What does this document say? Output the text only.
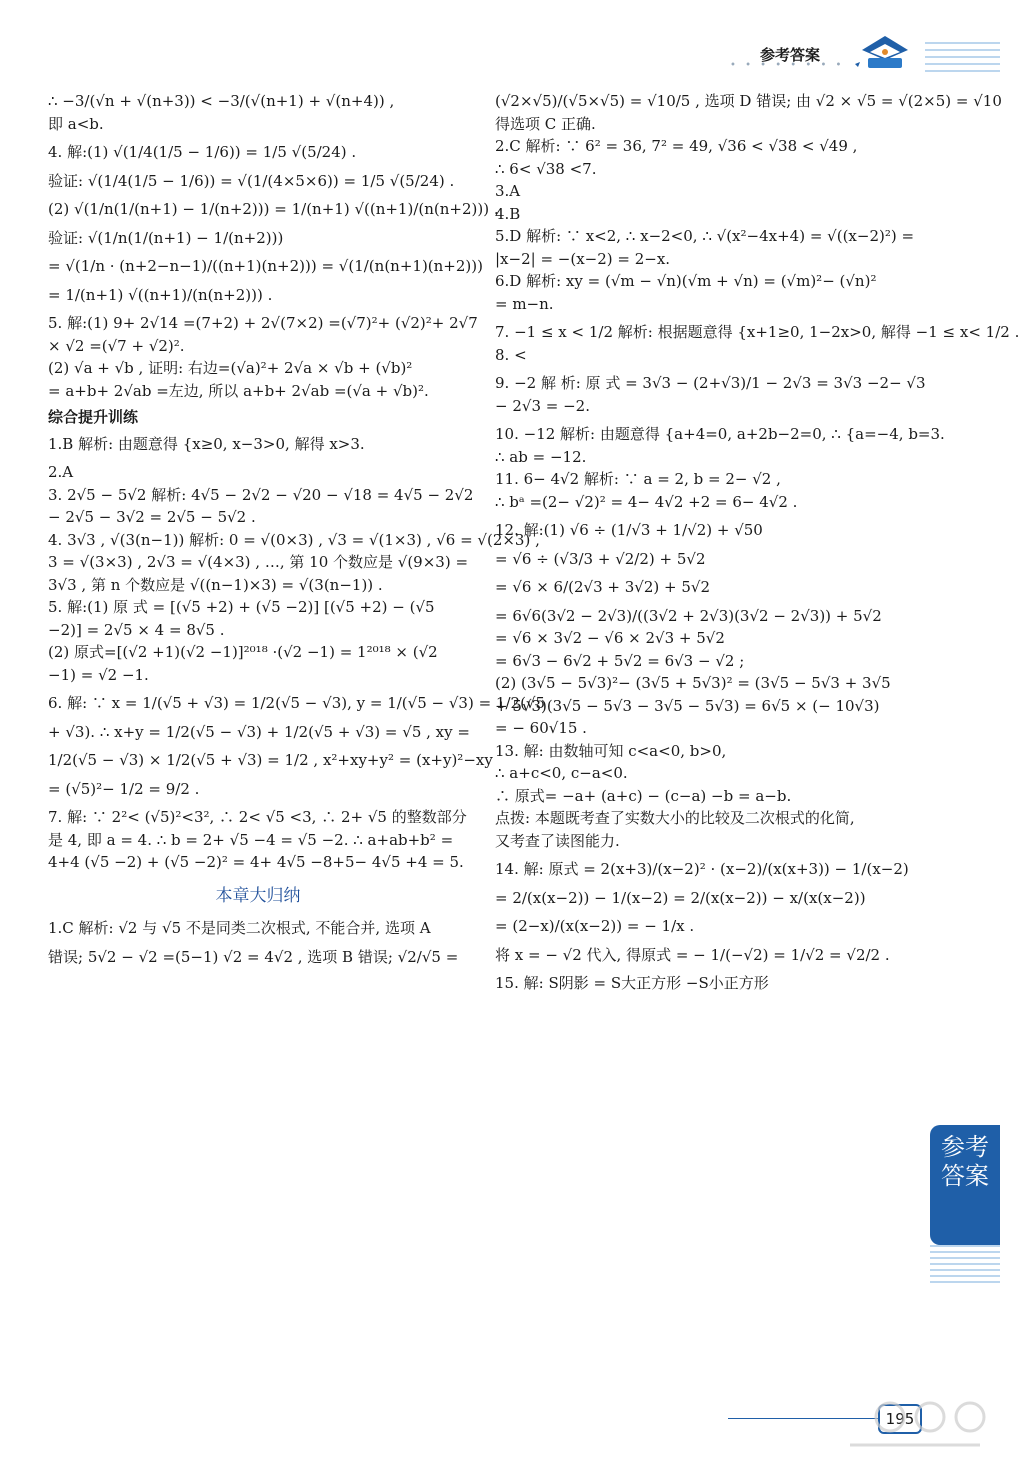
• • • • • • • •
参考答案
∴ −3/(√n + √(n+3)) < −3/(√(n+1) + √(n+4)) ,
即 a<b.
4. 解:(1) √(1/4(1/5 − 1/6)) = 1/5 √(5/24) .
验证: √(1/4(1/5 − 1/6)) = √(1/(4×5×6)) = 1/5 √(5/24) .
(2) √(1/n(1/(n+1) − 1/(n+2))) = 1/(n+1) √((n+1)/(n(n+2))) .
验证: √(1/n(1/(n+1) − 1/(n+2)))
= √(1/n · (n+2−n−1)/((n+1)(n+2))) = √(1/(n(n+1)(n+2)))
= 1/(n+1) √((n+1)/(n(n+2))) .
5. 解:(1) 9+ 2√14 =(7+2) + 2√(7×2) =(√7)²+ (√2)²+ 2√7
× √2 =(√7 + √2)².
(2) √a + √b , 证明: 右边=(√a)²+ 2√a × √b + (√b)²
= a+b+ 2√ab =左边, 所以 a+b+ 2√ab =(√a + √b)².
综合提升训练
1.B 解析: 由题意得 {x≥0, x−3>0, 解得 x>3.
2.A
3. 2√5 − 5√2 解析: 4√5 − 2√2 − √20 − √18 = 4√5 − 2√2
− 2√5 − 3√2 = 2√5 − 5√2 .
4. 3√3 , √(3(n−1)) 解析: 0 = √(0×3) , √3 = √(1×3) , √6 = √(2×3) ,
3 = √(3×3) , 2√3 = √(4×3) , …, 第 10 个数应是 √(9×3) =
3√3 , 第 n 个数应是 √((n−1)×3) = √(3(n−1)) .
5. 解:(1) 原 式 = [(√5 +2) + (√5 −2)] [(√5 +2) − (√5
−2)] = 2√5 × 4 = 8√5 .
(2) 原式=[(√2 +1)(√2 −1)]²⁰¹⁸ ·(√2 −1) = 1²⁰¹⁸ × (√2
−1) = √2 −1.
6. 解: ∵ x = 1/(√5 + √3) = 1/2(√5 − √3), y = 1/(√5 − √3) = 1/2(√5
+ √3). ∴ x+y = 1/2(√5 − √3) + 1/2(√5 + √3) = √5 , xy =
1/2(√5 − √3) × 1/2(√5 + √3) = 1/2 , x²+xy+y² = (x+y)²−xy
= (√5)²− 1/2 = 9/2 .
7. 解: ∵ 2²< (√5)²<3², ∴ 2< √5 <3, ∴ 2+ √5 的整数部分
是 4, 即 a = 4. ∴ b = 2+ √5 −4 = √5 −2. ∴ a+ab+b² =
4+4 (√5 −2) + (√5 −2)² = 4+ 4√5 −8+5− 4√5 +4 = 5.
本章大归纳
1.C 解析: √2 与 √5 不是同类二次根式, 不能合并, 选项 A
错误; 5√2 − √2 =(5−1) √2 = 4√2 , 选项 B 错误; √2/√5 =
(√2×√5)/(√5×√5) = √10/5 , 选项 D 错误; 由 √2 × √5 = √(2×5) = √10
得选项 C 正确.
2.C 解析: ∵ 6² = 36, 7² = 49, √36 < √38 < √49 ,
∴ 6< √38 <7.
3.A
4.B
5.D 解析: ∵ x<2, ∴ x−2<0, ∴ √(x²−4x+4) = √((x−2)²) =
|x−2| = −(x−2) = 2−x.
6.D 解析: xy = (√m − √n)(√m + √n) = (√m)²− (√n)²
= m−n.
7. −1 ≤ x < 1/2 解析: 根据题意得 {x+1≥0, 1−2x>0, 解得 −1 ≤ x< 1/2 .
8. <
9. −2 解 析: 原 式 = 3√3 − (2+√3)/1 − 2√3 = 3√3 −2− √3
− 2√3 = −2.
10. −12 解析: 由题意得 {a+4=0, a+2b−2=0, ∴ {a=−4, b=3.
∴ ab = −12.
11. 6− 4√2 解析: ∵ a = 2, b = 2− √2 ,
∴ bᵃ =(2− √2)² = 4− 4√2 +2 = 6− 4√2 .
12. 解:(1) √6 ÷ (1/√3 + 1/√2) + √50
= √6 ÷ (√3/3 + √2/2) + 5√2
= √6 × 6/(2√3 + 3√2) + 5√2
= 6√6(3√2 − 2√3)/((3√2 + 2√3)(3√2 − 2√3)) + 5√2
= √6 × 3√2 − √6 × 2√3 + 5√2
= 6√3 − 6√2 + 5√2 = 6√3 − √2 ;
(2) (3√5 − 5√3)²− (3√5 + 5√3)² = (3√5 − 5√3 + 3√5
+ 5√3)(3√5 − 5√3 − 3√5 − 5√3) = 6√5 × (− 10√3)
= − 60√15 .
13. 解: 由数轴可知 c<a<0, b>0,
∴ a+c<0, c−a<0.
∴ 原式= −a+ (a+c) − (c−a) −b = a−b.
点拨: 本题既考查了实数大小的比较及二次根式的化简,
又考查了读图能力.
14. 解: 原式 = 2(x+3)/(x−2)² · (x−2)/(x(x+3)) − 1/(x−2)
= 2/(x(x−2)) − 1/(x−2) = 2/(x(x−2)) − x/(x(x−2))
= (2−x)/(x(x−2)) = − 1/x .
将 x = − √2 代入, 得原式 = − 1/(−√2) = 1/√2 = √2/2 .
15. 解: S阴影 = S大正方形 −S小正方形
参考答案
195
